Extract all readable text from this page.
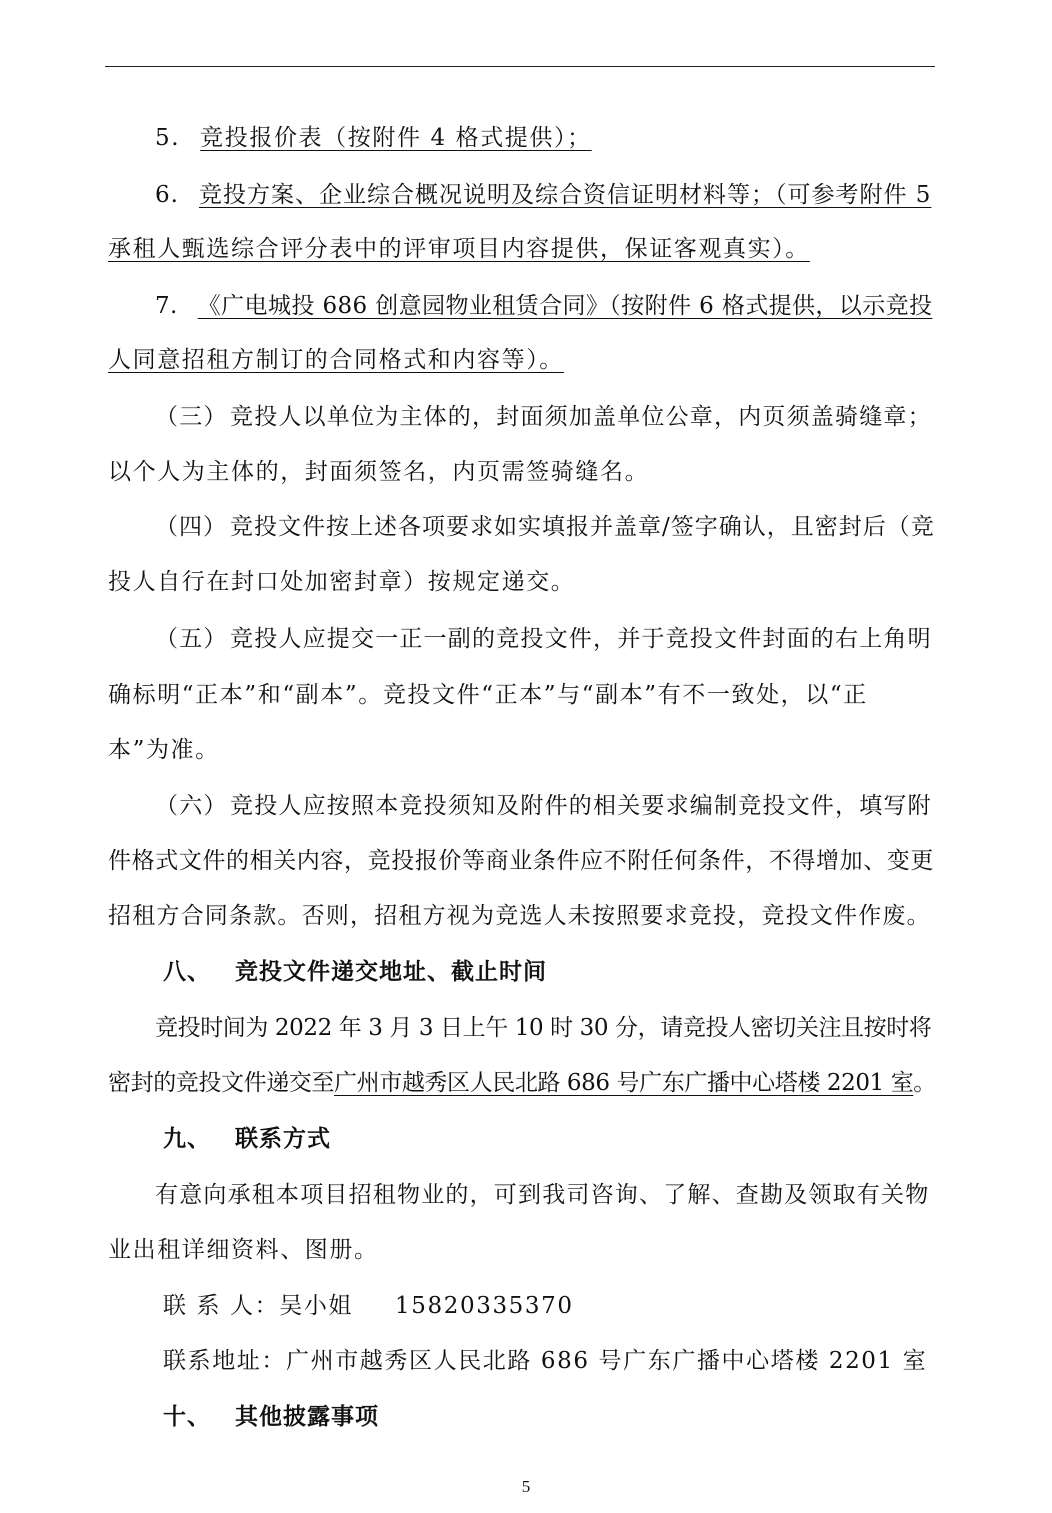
5. 竞投报价表（按附件 4 格式提供）；
6. 竞投方案、企业综合概况说明及综合资信证明材料等；（可参考附件 5
承租人甄选综合评分表中的评审项目内容提供，保证客观真实）。
7. 《广电城投 686 创意园物业租赁合同》（按附件 6 格式提供，以示竞投
人同意招租方制订的合同格式和内容等）。
（三） 竞投人以单位为主体的，封面须加盖单位公章，内页须盖骑缝章；
以个人为主体的，封面须签名，内页需签骑缝名。
（四） 竞投文件按上述各项要求如实填报并盖章/签字确认，且密封后（竞
投人自行在封口处加密封章）按规定递交。
（五） 竞投人应提交一正一副的竞投文件，并于竞投文件封面的右上角明
确标明“正本”和“副本”。竞投文件“正本”与“副本”有不一致处，以“正
本”为准。
（六） 竞投人应按照本竞投须知及附件的相关要求编制竞投文件，填写附
件格式文件的相关内容，竞投报价等商业条件应不附任何条件，不得增加、变更
招租方合同条款。否则，招租方视为竞选人未按照要求竞投，竞投文件作废。
八、 竞投文件递交地址、截止时间
竞投时间为 2022 年 3 月 3 日上午 10 时 30 分，请竞投人密切关注且按时将
密封的竞投文件递交至广州市越秀区人民北路 686 号广东广播中心塔楼 2201 室。
九、 联系方式
有意向承租本项目招租物业的，可到我司咨询、了解、查勘及领取有关物
业出租详细资料、图册。
联 系 人：吴小姐 15820335370
联系地址：广州市越秀区人民北路 686 号广东广播中心塔楼 2201 室
十、 其他披露事项
5
